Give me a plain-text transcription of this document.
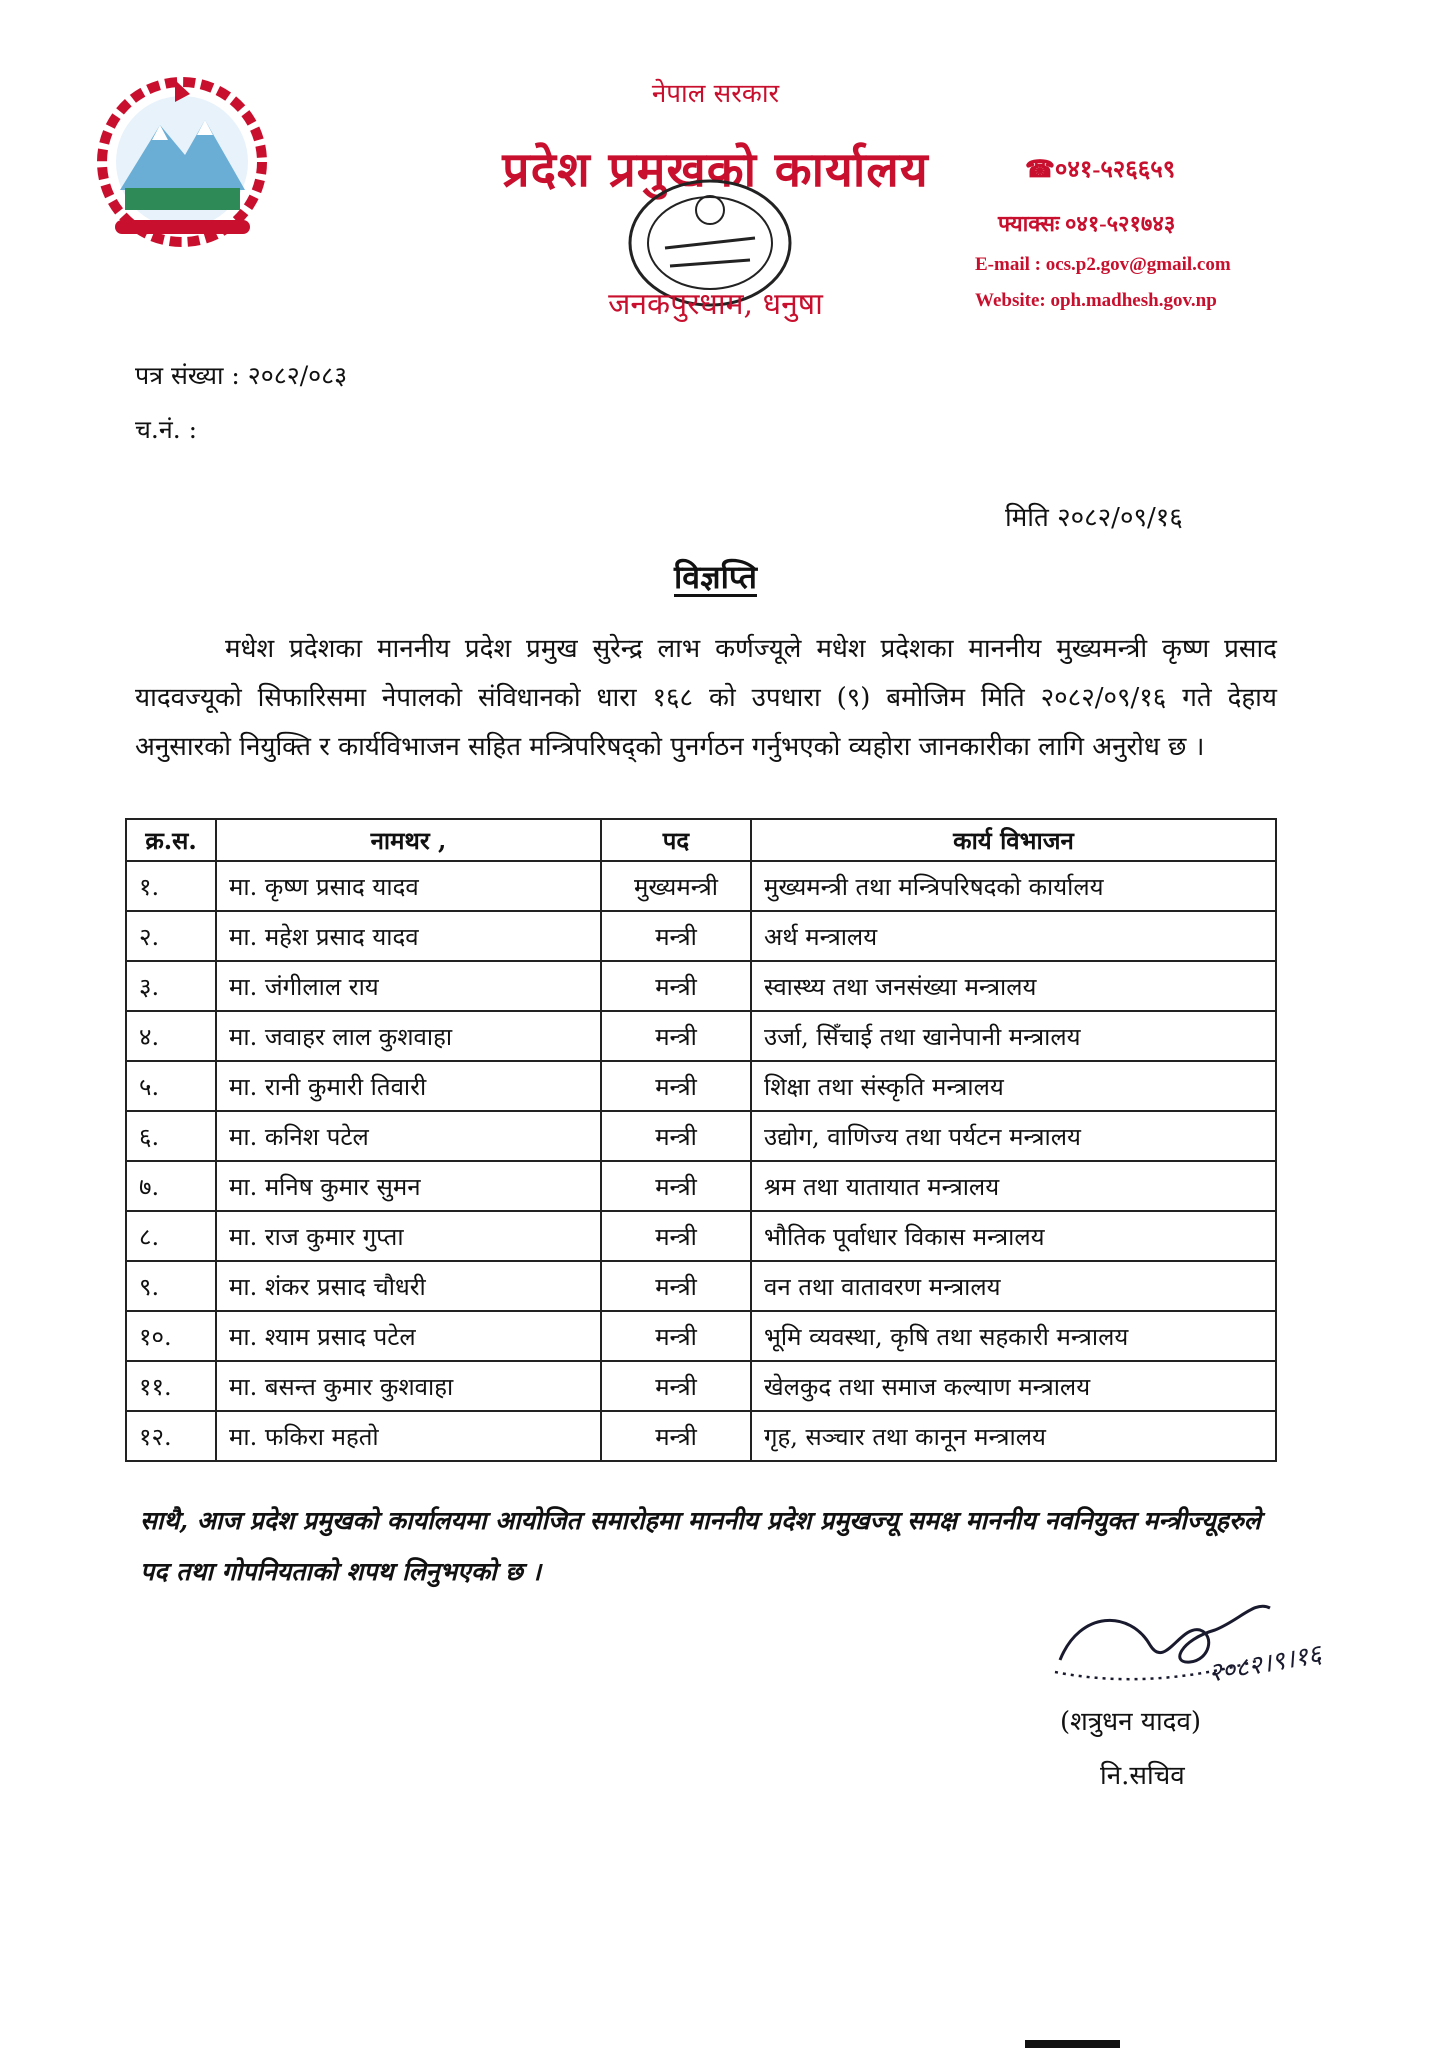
नेपाल सरकार
प्रदेश प्रमुखको कार्यालय
जनकपुरधाम, धनुषा
☎०४१-५२६६५९
फ्याक्सः ०४१-५२१७४३
E-mail : ocs.p2.gov@gmail.com
Website: oph.madhesh.gov.np
पत्र संख्या : २०८२/०८३
च.नं. :
मिति २०८२/०९/१६
विज्ञप्ति

मधेश प्रदेशका माननीय प्रदेश प्रमुख सुरेन्द्र लाभ कर्णज्यूले मधेश प्रदेशका माननीय मुख्यमन्त्री कृष्ण प्रसाद यादवज्यूको सिफारिसमा नेपालको संविधानको धारा १६८ को उपधारा (९) बमोजिम मिति २०८२/०९/१६ गते देहाय अनुसारको नियुक्ति र कार्यविभाजन सहित मन्त्रिपरिषद्को पुनर्गठन गर्नुभएको व्यहोरा जानकारीका लागि अनुरोध छ ।

क्र.स.	नामथर ,	पद	कार्य विभाजन
१.	मा. कृष्ण प्रसाद यादव	मुख्यमन्त्री	मुख्यमन्त्री तथा मन्त्रिपरिषदको कार्यालय
२.	मा. महेश प्रसाद यादव	मन्त्री	अर्थ मन्त्रालय
३.	मा. जंगीलाल राय	मन्त्री	स्वास्थ्य तथा जनसंख्या मन्त्रालय
४.	मा. जवाहर लाल कुशवाहा	मन्त्री	उर्जा, सिँचाई तथा खानेपानी मन्त्रालय
५.	मा. रानी कुमारी तिवारी	मन्त्री	शिक्षा तथा संस्कृति मन्त्रालय
६.	मा. कनिश पटेल	मन्त्री	उद्योग, वाणिज्य तथा पर्यटन मन्त्रालय
७.	मा. मनिष कुमार सुमन	मन्त्री	श्रम तथा यातायात मन्त्रालय
८.	मा. राज कुमार गुप्ता	मन्त्री	भौतिक पूर्वाधार विकास मन्त्रालय
९.	मा. शंकर प्रसाद चौधरी	मन्त्री	वन तथा वातावरण मन्त्रालय
१०.	मा. श्याम प्रसाद पटेल	मन्त्री	भूमि व्यवस्था, कृषि तथा सहकारी मन्त्रालय
११.	मा. बसन्त कुमार कुशवाहा	मन्त्री	खेलकुद तथा समाज कल्याण मन्त्रालय
१२.	मा. फकिरा महतो	मन्त्री	गृह, सञ्चार तथा कानून मन्त्रालय

साथै, आज प्रदेश प्रमुखको कार्यालयमा आयोजित समारोहमा माननीय प्रदेश प्रमुखज्यू समक्ष माननीय नवनियुक्त मन्त्रीज्यूहरुले पद तथा गोपनियताको शपथ लिनुभएको छ ।

२०८२।९।१६
(शत्रुधन यादव)
नि.सचिव
